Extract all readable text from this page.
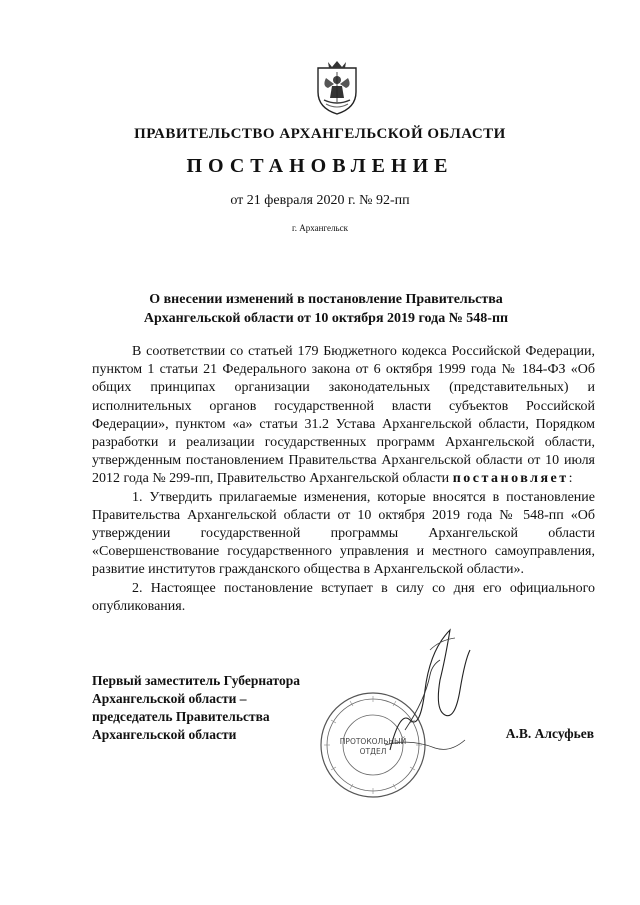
ПРАВИТЕЛЬСТВО АРХАНГЕЛЬСКОЙ ОБЛАСТИ
ПОСТАНОВЛЕНИЕ
от 21 февраля 2020 г. № 92-пп
г. Архангельск
О внесении изменений в постановление Правительства
Архангельской области от 10 октября 2019 года № 548-пп

В соответствии со статьей 179 Бюджетного кодекса Российской Федерации, пунктом 1 статьи 21 Федерального закона от 6 октября 1999 года № 184-ФЗ «Об общих принципах организации законодательных (представительных) и исполнительных органов государственной власти субъектов Российской Федерации», пунктом «а» статьи 31.2 Устава Архангельской области, Порядком разработки и реализации государственных программ Архангельской области, утвержденным постановлением Правительства Архангельской области от 10 июля 2012 года № 299-пп, Правительство Архангельской области постановляет:

1. Утвердить прилагаемые изменения, которые вносятся в постановление Правительства Архангельской области от 10 октября 2019 года № 548-пп «Об утверждении государственной программы Архангельской области «Совершенствование государственного управления и местного самоуправления, развитие институтов гражданского общества в Архангельской области».

2. Настоящее постановление вступает в силу со дня его официального опубликования.

Первый заместитель Губернатора
Архангельской области –
председатель Правительства
Архангельской области	А.В. Алсуфьев
ПРОТОКОЛЬНЫЙ
ОТДЕЛ
